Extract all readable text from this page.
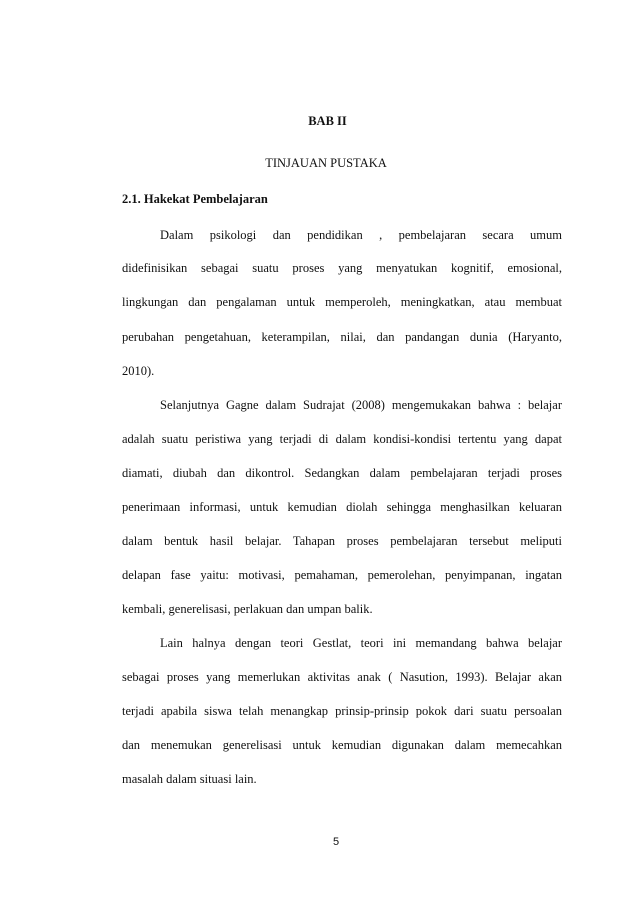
BAB II
TINJAUAN PUSTAKA
2.1. Hakekat Pembelajaran
Dalam psikologi dan pendidikan , pembelajaran secara umum
didefinisikan sebagai suatu proses yang menyatukan kognitif, emosional,
lingkungan dan pengalaman untuk memperoleh, meningkatkan, atau membuat
perubahan pengetahuan, keterampilan, nilai, dan pandangan dunia (Haryanto,
2010).
Selanjutnya Gagne dalam Sudrajat (2008) mengemukakan bahwa : belajar
adalah suatu peristiwa yang terjadi di dalam kondisi-kondisi tertentu yang dapat
diamati, diubah dan dikontrol. Sedangkan dalam pembelajaran terjadi proses
penerimaan informasi, untuk kemudian diolah sehingga menghasilkan keluaran
dalam bentuk hasil belajar. Tahapan proses pembelajaran tersebut meliputi
delapan fase yaitu: motivasi, pemahaman, pemerolehan, penyimpanan, ingatan
kembali, generelisasi, perlakuan dan umpan balik.
Lain halnya dengan teori Gestlat, teori ini memandang bahwa belajar
sebagai proses yang memerlukan aktivitas anak ( Nasution, 1993). Belajar akan
terjadi apabila siswa telah menangkap prinsip-prinsip pokok dari suatu persoalan
dan menemukan generelisasi untuk kemudian digunakan dalam memecahkan
masalah dalam situasi lain.
5
